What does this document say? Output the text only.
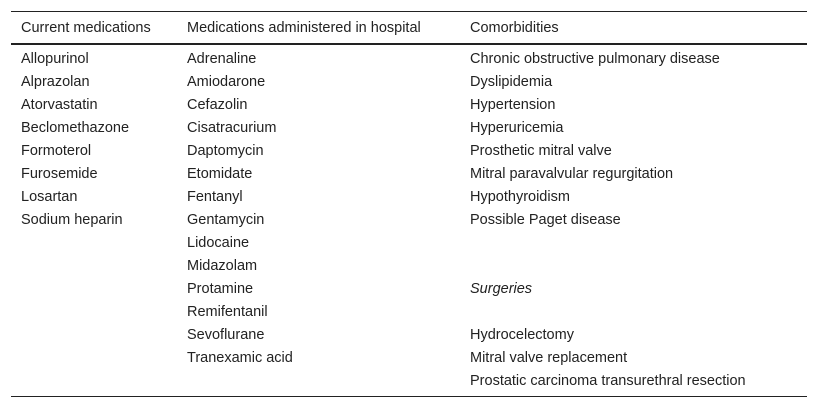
Current medications	Medications administered in hospital	Comorbidities
Allopurinol	Adrenaline	Chronic obstructive pulmonary disease
Alprazolan	Amiodarone	Dyslipidemia
Atorvastatin	Cefazolin	Hypertension
Beclomethazone	Cisatracurium	Hyperuricemia
Formoterol	Daptomycin	Prosthetic mitral valve
Furosemide	Etomidate	Mitral paravalvular regurgitation
Losartan	Fentanyl	Hypothyroidism
Sodium heparin	Gentamycin	Possible Paget disease
	Lidocaine	
	Midazolam	
	Protamine	Surgeries
	Remifentanil	
	Sevoflurane	Hydrocelectomy
	Tranexamic acid	Mitral valve replacement
		Prostatic carcinoma transurethral resection
